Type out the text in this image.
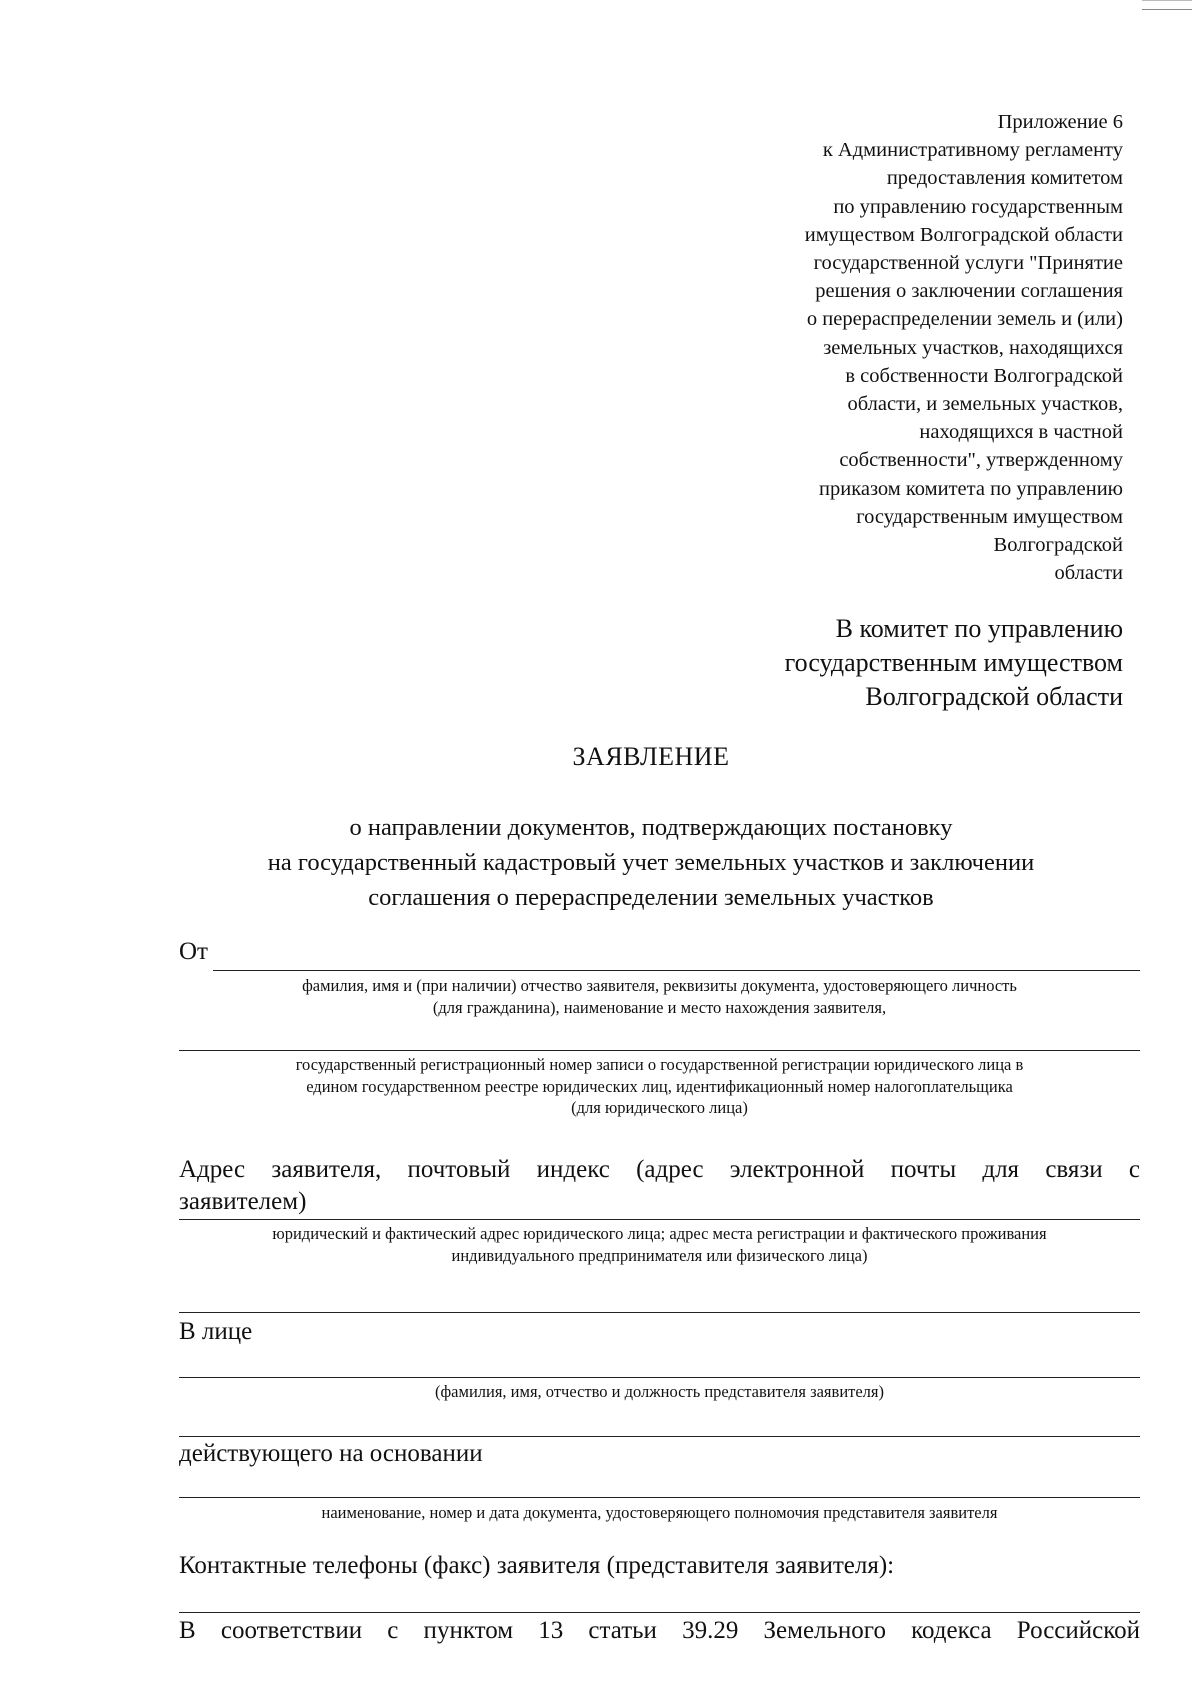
Приложение 6
к Административному регламенту
предоставления комитетом
по управлению государственным
имуществом Волгоградской области
государственной услуги "Принятие
решения о заключении соглашения
о перераспределении земель и (или)
земельных участков, находящихся
в собственности Волгоградской
области, и земельных участков,
находящихся в частной
собственности", утвержденному
приказом комитета по управлению
государственным имуществом
Волгоградской
области
В комитет по управлению
государственным имуществом
Волгоградской области
ЗАЯВЛЕНИЕ
о направлении документов, подтверждающих постановку
на государственный кадастровый учет земельных участков и заключении
соглашения о перераспределении земельных участков
От
фамилия, имя и (при наличии) отчество заявителя, реквизиты документа, удостоверяющего личность
(для гражданина), наименование и место нахождения заявителя,
государственный регистрационный номер записи о государственной регистрации юридического лица в
едином государственном реестре юридических лиц, идентификационный номер налогоплательщика
(для юридического лица)
Адрес заявителя, почтовый индекс (адрес электронной почты для связи с
заявителем)
юридический и фактический адрес юридического лица; адрес места регистрации и фактического проживания
индивидуального предпринимателя или физического лица)
В лице
(фамилия, имя, отчество и должность представителя заявителя)
действующего на основании
наименование, номер и дата документа, удостоверяющего полномочия представителя заявителя
Контактные телефоны (факс) заявителя (представителя заявителя):
В соответствии с пунктом 13 статьи 39.29 Земельного кодекса Российской
